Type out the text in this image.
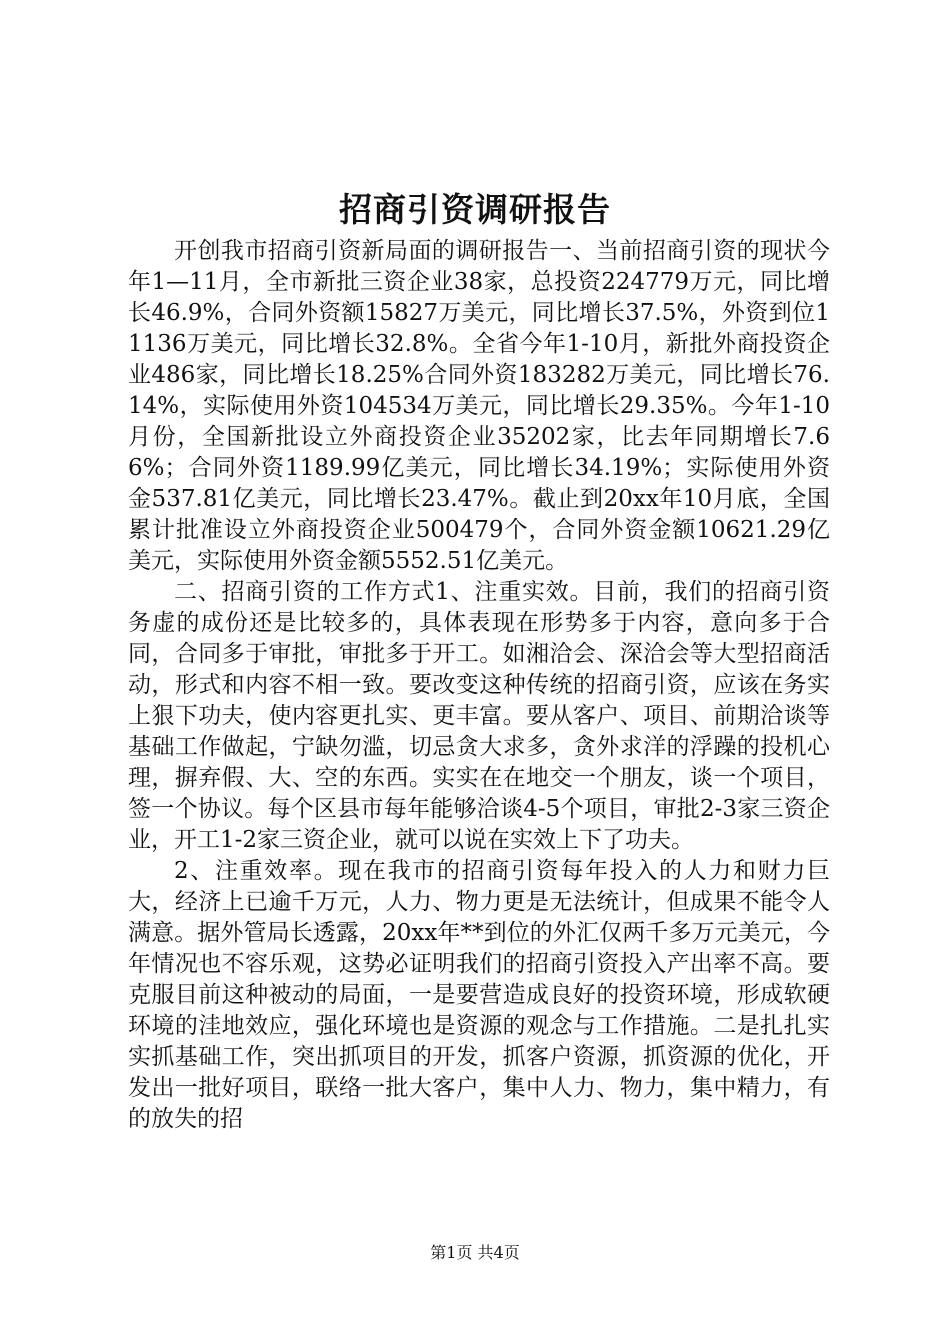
招商引资调研报告

开创我市招商引资新局面的调研报告一、当前招商引资的现状今年1—11月，全市新批三资企业38家，总投资224779万元，同比增长46.9%，合同外资额15827万美元，同比增长37.5%，外资到位11136万美元，同比增长32.8%。全省今年1-10月，新批外商投资企业486家，同比增长18.25%合同外资183282万美元，同比增长76.14%，实际使用外资104534万美元，同比增长29.35%。今年1-10月份，全国新批设立外商投资企业35202家，比去年同期增长7.66%；合同外资1189.99亿美元，同比增长34.19%；实际使用外资金537.81亿美元，同比增长23.47%。截止到20xx年10月底，全国累计批准设立外商投资企业500479个，合同外资金额10621.29亿美元，实际使用外资金额5552.51亿美元。

二、招商引资的工作方式1、注重实效。目前，我们的招商引资务虚的成份还是比较多的，具体表现在形势多于内容，意向多于合同，合同多于审批，审批多于开工。如湘洽会、深洽会等大型招商活动，形式和内容不相一致。要改变这种传统的招商引资，应该在务实上狠下功夫，使内容更扎实、更丰富。要从客户、项目、前期洽谈等基础工作做起，宁缺勿滥，切忌贪大求多，贪外求洋的浮躁的投机心理，摒弃假、大、空的东西。实实在在地交一个朋友，谈一个项目，签一个协议。每个区县市每年能够洽谈4-5个项目，审批2-3家三资企业，开工1-2家三资企业，就可以说在实效上下了功夫。

2、注重效率。现在我市的招商引资每年投入的人力和财力巨大，经济上已逾千万元，人力、物力更是无法统计，但成果不能令人满意。据外管局长透露，20xx年**到位的外汇仅两千多万元美元，今年情况也不容乐观，这势必证明我们的招商引资投入产出率不高。要克服目前这种被动的局面，一是要营造成良好的投资环境，形成软硬环境的洼地效应，强化环境也是资源的观念与工作措施。二是扎扎实实抓基础工作，突出抓项目的开发，抓客户资源，抓资源的优化，开发出一批好项目，联络一批大客户，集中人力、物力，集中精力，有的放失的招

第1页 共4页
